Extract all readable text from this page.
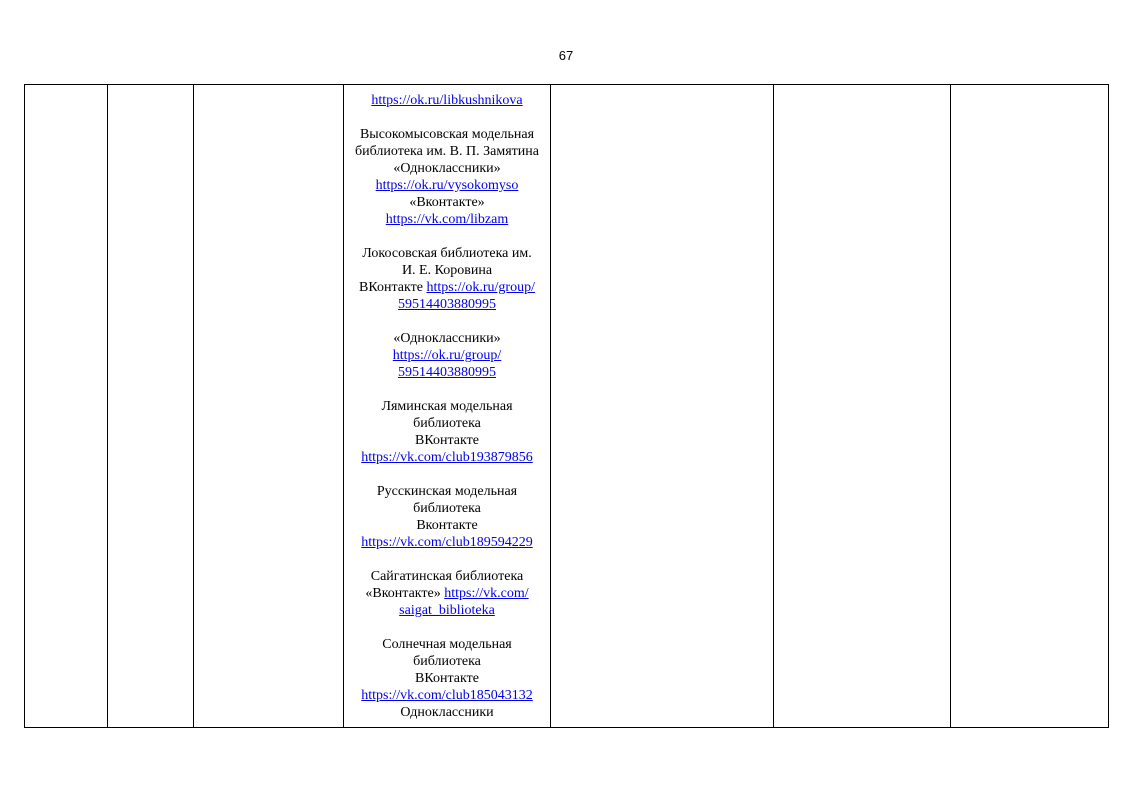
67

https://ok.ru/libkushnikova
Высокомысовская модельная
библиотека им. В. П. Замятина
«Одноклассники»
https://ok.ru/vysokomyso
«Вконтакте»
https://vk.com/libzam
Локосовская библиотека им.
И. Е. Коровина
ВКонтакте https://ok.ru/group/
59514403880995
«Одноклассники»
https://ok.ru/group/
59514403880995
Ляминская модельная
библиотека
ВКонтакте
https://vk.com/club193879856
Русскинская модельная
библиотека
Вконтакте
https://vk.com/club189594229
Сайгатинская библиотека
«Вконтакте» https://vk.com/
saigat_biblioteka
Солнечная модельная
библиотека
ВКонтакте
https://vk.com/club185043132
Одноклассники
